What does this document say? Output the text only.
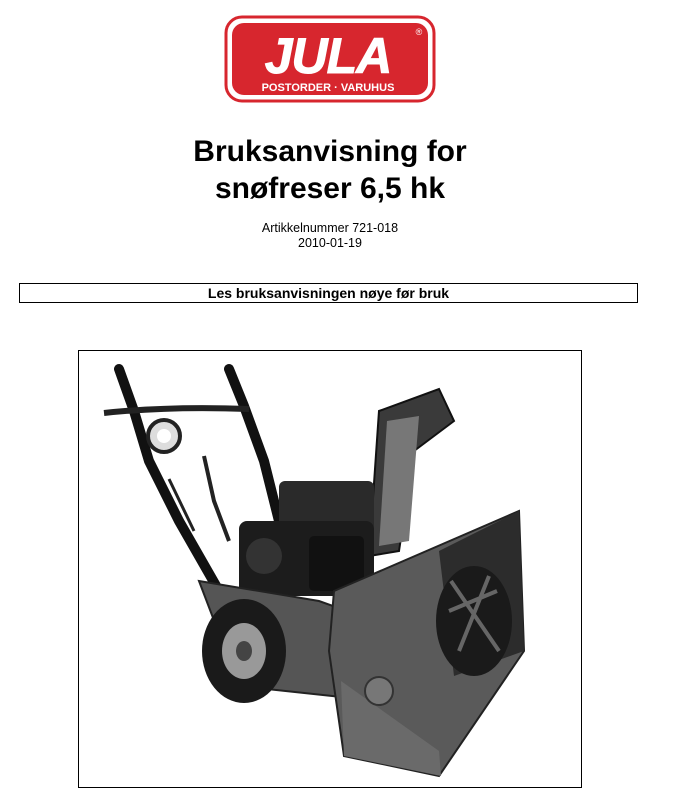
JULA
POSTORDER · VARUHUS
®
Bruksanvisning for
snøfreser 6,5 hk
Artikkelnummer 721-018
2010-01-19
Les bruksanvisningen nøye før bruk
